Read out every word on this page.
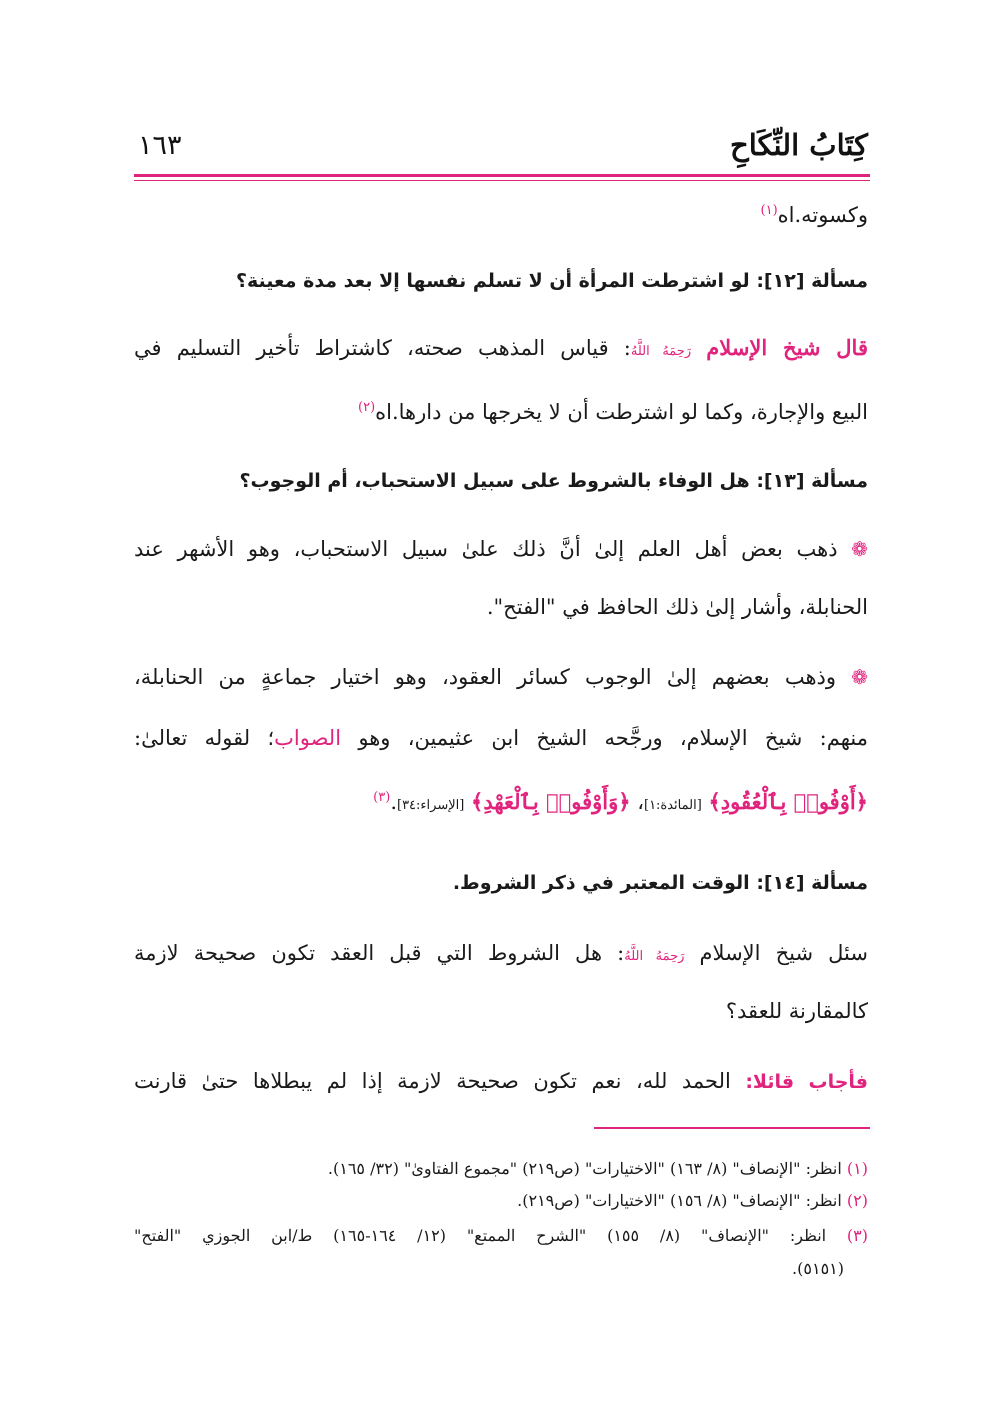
كِتَابُ النِّكَاحِ
١٦٣
وكسوته.اه$^{(١)}$
مسألة [١٢]: لو اشترطت المرأة أن لا تسلم نفسها إلا بعد مدة معينة؟
قال شيخ الإسلام رَحِمَهُ اللَّهُ: قياس المذهب صحته، كاشتراط تأخير التسليم في
البيع والإجارة، وكما لو اشترطت أن لا يخرجها من دارها.اه$^{(٢)}$
مسألة [١٣]: هل الوفاء بالشروط على سبيل الاستحباب، أم الوجوب؟
❁ ذهب بعض أهل العلم إلىٰ أنَّ ذلك علىٰ سبيل الاستحباب، وهو الأشهر عند
الحنابلة، وأشار إلىٰ ذلك الحافظ في "الفتح".
❁ وذهب بعضهم إلىٰ الوجوب كسائر العقود، وهو اختيار جماعةٍ من الحنابلة،
منهم: شيخ الإسلام، ورجَّحه الشيخ ابن عثيمين، وهو الصواب؛ لقوله تعالىٰ:
﴿أَوْفُوا۟ بِٱلْعُقُودِ﴾ [المائدة:١]، ﴿وَأَوْفُوا۟ بِٱلْعَهْدِ﴾ [الإسراء:٣٤].$^{(٣)}$
مسألة [١٤]: الوقت المعتبر في ذكر الشروط.
سئل شيخ الإسلام رَحِمَهُ اللَّهُ: هل الشروط التي قبل العقد تكون صحيحة لازمة
كالمقارنة للعقد؟
فأجاب قائلا: الحمد لله، نعم تكون صحيحة لازمة إذا لم يبطلاها حتىٰ قارنت
(١) انظر: "الإنصاف" (٨/ ١٦٣) "الاختيارات" (ص٢١٩) "مجموع الفتاوىٰ" (٣٢/ ١٦٥).
(٢) انظر: "الإنصاف" (٨/ ١٥٦) "الاختيارات" (ص٢١٩).
(٣) انظر: "الإنصاف" (٨/ ١٥٥) "الشرح الممتع" (١٢/ ١٦٤-١٦٥) ط/ابن الجوزي "الفتح"
(٥١٥١).
